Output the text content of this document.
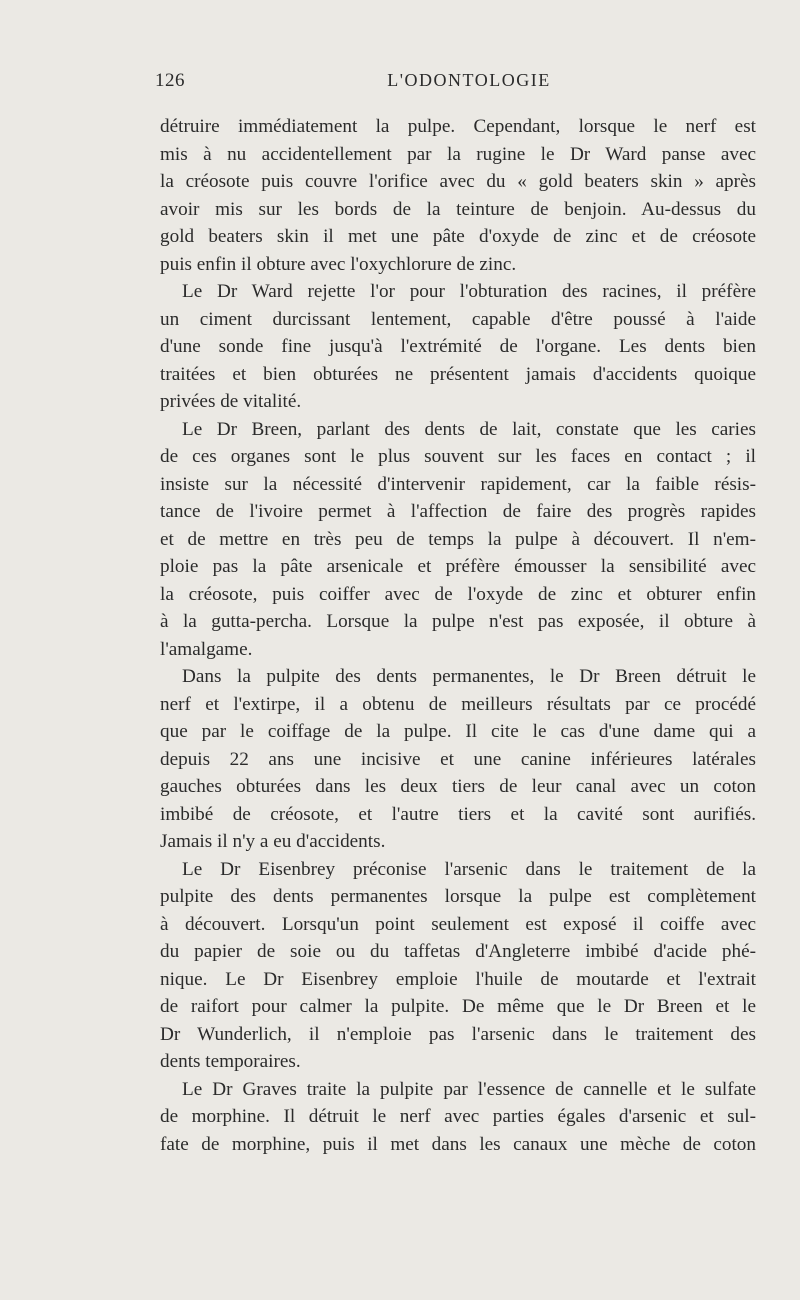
126	L'ODONTOLOGIE
détruire immédiatement la pulpe. Cependant, lorsque le nerf est
mis à nu accidentellement par la rugine le Dr Ward panse avec
la créosote puis couvre l'orifice avec du « gold beaters skin » après
avoir mis sur les bords de la teinture de benjoin. Au-dessus du
gold beaters skin il met une pâte d'oxyde de zinc et de créosote
puis enfin il obture avec l'oxychlorure de zinc.
Le Dr Ward rejette l'or pour l'obturation des racines, il préfère
un ciment durcissant lentement, capable d'être poussé à l'aide
d'une sonde fine jusqu'à l'extrémité de l'organe. Les dents bien
traitées et bien obturées ne présentent jamais d'accidents quoique
privées de vitalité.
Le Dr Breen, parlant des dents de lait, constate que les caries
de ces organes sont le plus souvent sur les faces en contact ; il
insiste sur la nécessité d'intervenir rapidement, car la faible résis-
tance de l'ivoire permet à l'affection de faire des progrès rapides
et de mettre en très peu de temps la pulpe à découvert. Il n'em-
ploie pas la pâte arsenicale et préfère émousser la sensibilité avec
la créosote, puis coiffer avec de l'oxyde de zinc et obturer enfin
à la gutta-percha. Lorsque la pulpe n'est pas exposée, il obture à
l'amalgame.
Dans la pulpite des dents permanentes, le Dr Breen détruit le
nerf et l'extirpe, il a obtenu de meilleurs résultats par ce procédé
que par le coiffage de la pulpe. Il cite le cas d'une dame qui a
depuis 22 ans une incisive et une canine inférieures latérales
gauches obturées dans les deux tiers de leur canal avec un coton
imbibé de créosote, et l'autre tiers et la cavité sont aurifiés.
Jamais il n'y a eu d'accidents.
Le Dr Eisenbrey préconise l'arsenic dans le traitement de la
pulpite des dents permanentes lorsque la pulpe est complètement
à découvert. Lorsqu'un point seulement est exposé il coiffe avec
du papier de soie ou du taffetas d'Angleterre imbibé d'acide phé-
nique. Le Dr Eisenbrey emploie l'huile de moutarde et l'extrait
de raifort pour calmer la pulpite. De même que le Dr Breen et le
Dr Wunderlich, il n'emploie pas l'arsenic dans le traitement des
dents temporaires.
Le Dr Graves traite la pulpite par l'essence de cannelle et le sulfate
de morphine. Il détruit le nerf avec parties égales d'arsenic et sul-
fate de morphine, puis il met dans les canaux une mèche de coton
